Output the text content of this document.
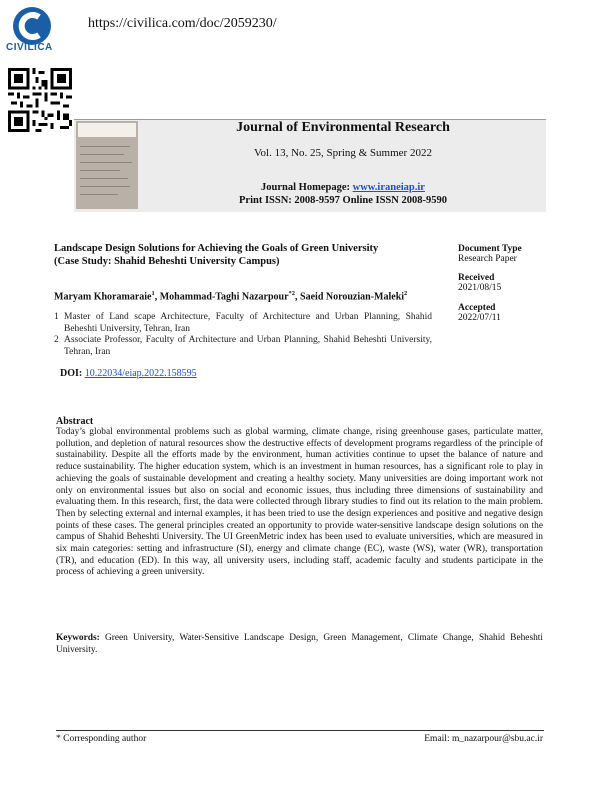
CIVILICA
https://civilica.com/doc/2059230/
Journal of Environmental Research
Vol. 13, No. 25, Spring & Summer 2022
Journal Homepage: www.iraneiap.ir
Print ISSN: 2008-9597 Online ISSN 2008-9590
Landscape Design Solutions for Achieving the Goals of Green University
(Case Study: Shahid Beheshti University Campus)
Maryam Khoramaraie$^1$, Mohammad-Taghi Nazarpour$^{*2}$, Saeid Norouzian-Maleki$^2$
1 Master of Land scape Architecture, Faculty of Architecture and Urban Planning, Shahid Beheshti University, Tehran, Iran
2 Associate Professor, Faculty of Architecture and Urban Planning, Shahid Beheshti University, Tehran, Iran
DOI: 10.22034/eiap.2022.158595
Document Type
Research Paper
Received
2021/08/15
Accepted
2022/07/11
Abstract
Today’s global environmental problems such as global warming, climate change, rising greenhouse gases, particulate matter, pollution, and depletion of natural resources show the destructive effects of development programs regardless of the principle of sustainability. Despite all the efforts made by the environment, human activities continue to upset the balance of nature and reduce sustainability. The higher education system, which is an investment in human resources, has a significant role to play in achieving the goals of sustainable development and creating a healthy society. Many universities are doing important work not only on environmental issues but also on social and economic issues, thus including three dimensions of sustainability and evaluating them. In this research, first, the data were collected through library studies to find out its relation to the main problem. Then by selecting external and internal examples, it has been tried to use the design experiences and positive and negative design points of these cases. The general principles created an opportunity to provide water-sensitive landscape design solutions on the campus of Shahid Beheshti University. The UI GreenMetric index has been used to evaluate universities, which are measured in six main categories: setting and infrastructure (SI), energy and climate change (EC), waste (WS), water (WR), transportation (TR), and education (ED). In this way, all university users, including staff, academic faculty and students participate in the process of achieving a green university.
Keywords: Green University, Water-Sensitive Landscape Design, Green Management, Climate Change, Shahid Beheshti University.
* Corresponding author	Email: m_nazarpour@sbu.ac.ir
